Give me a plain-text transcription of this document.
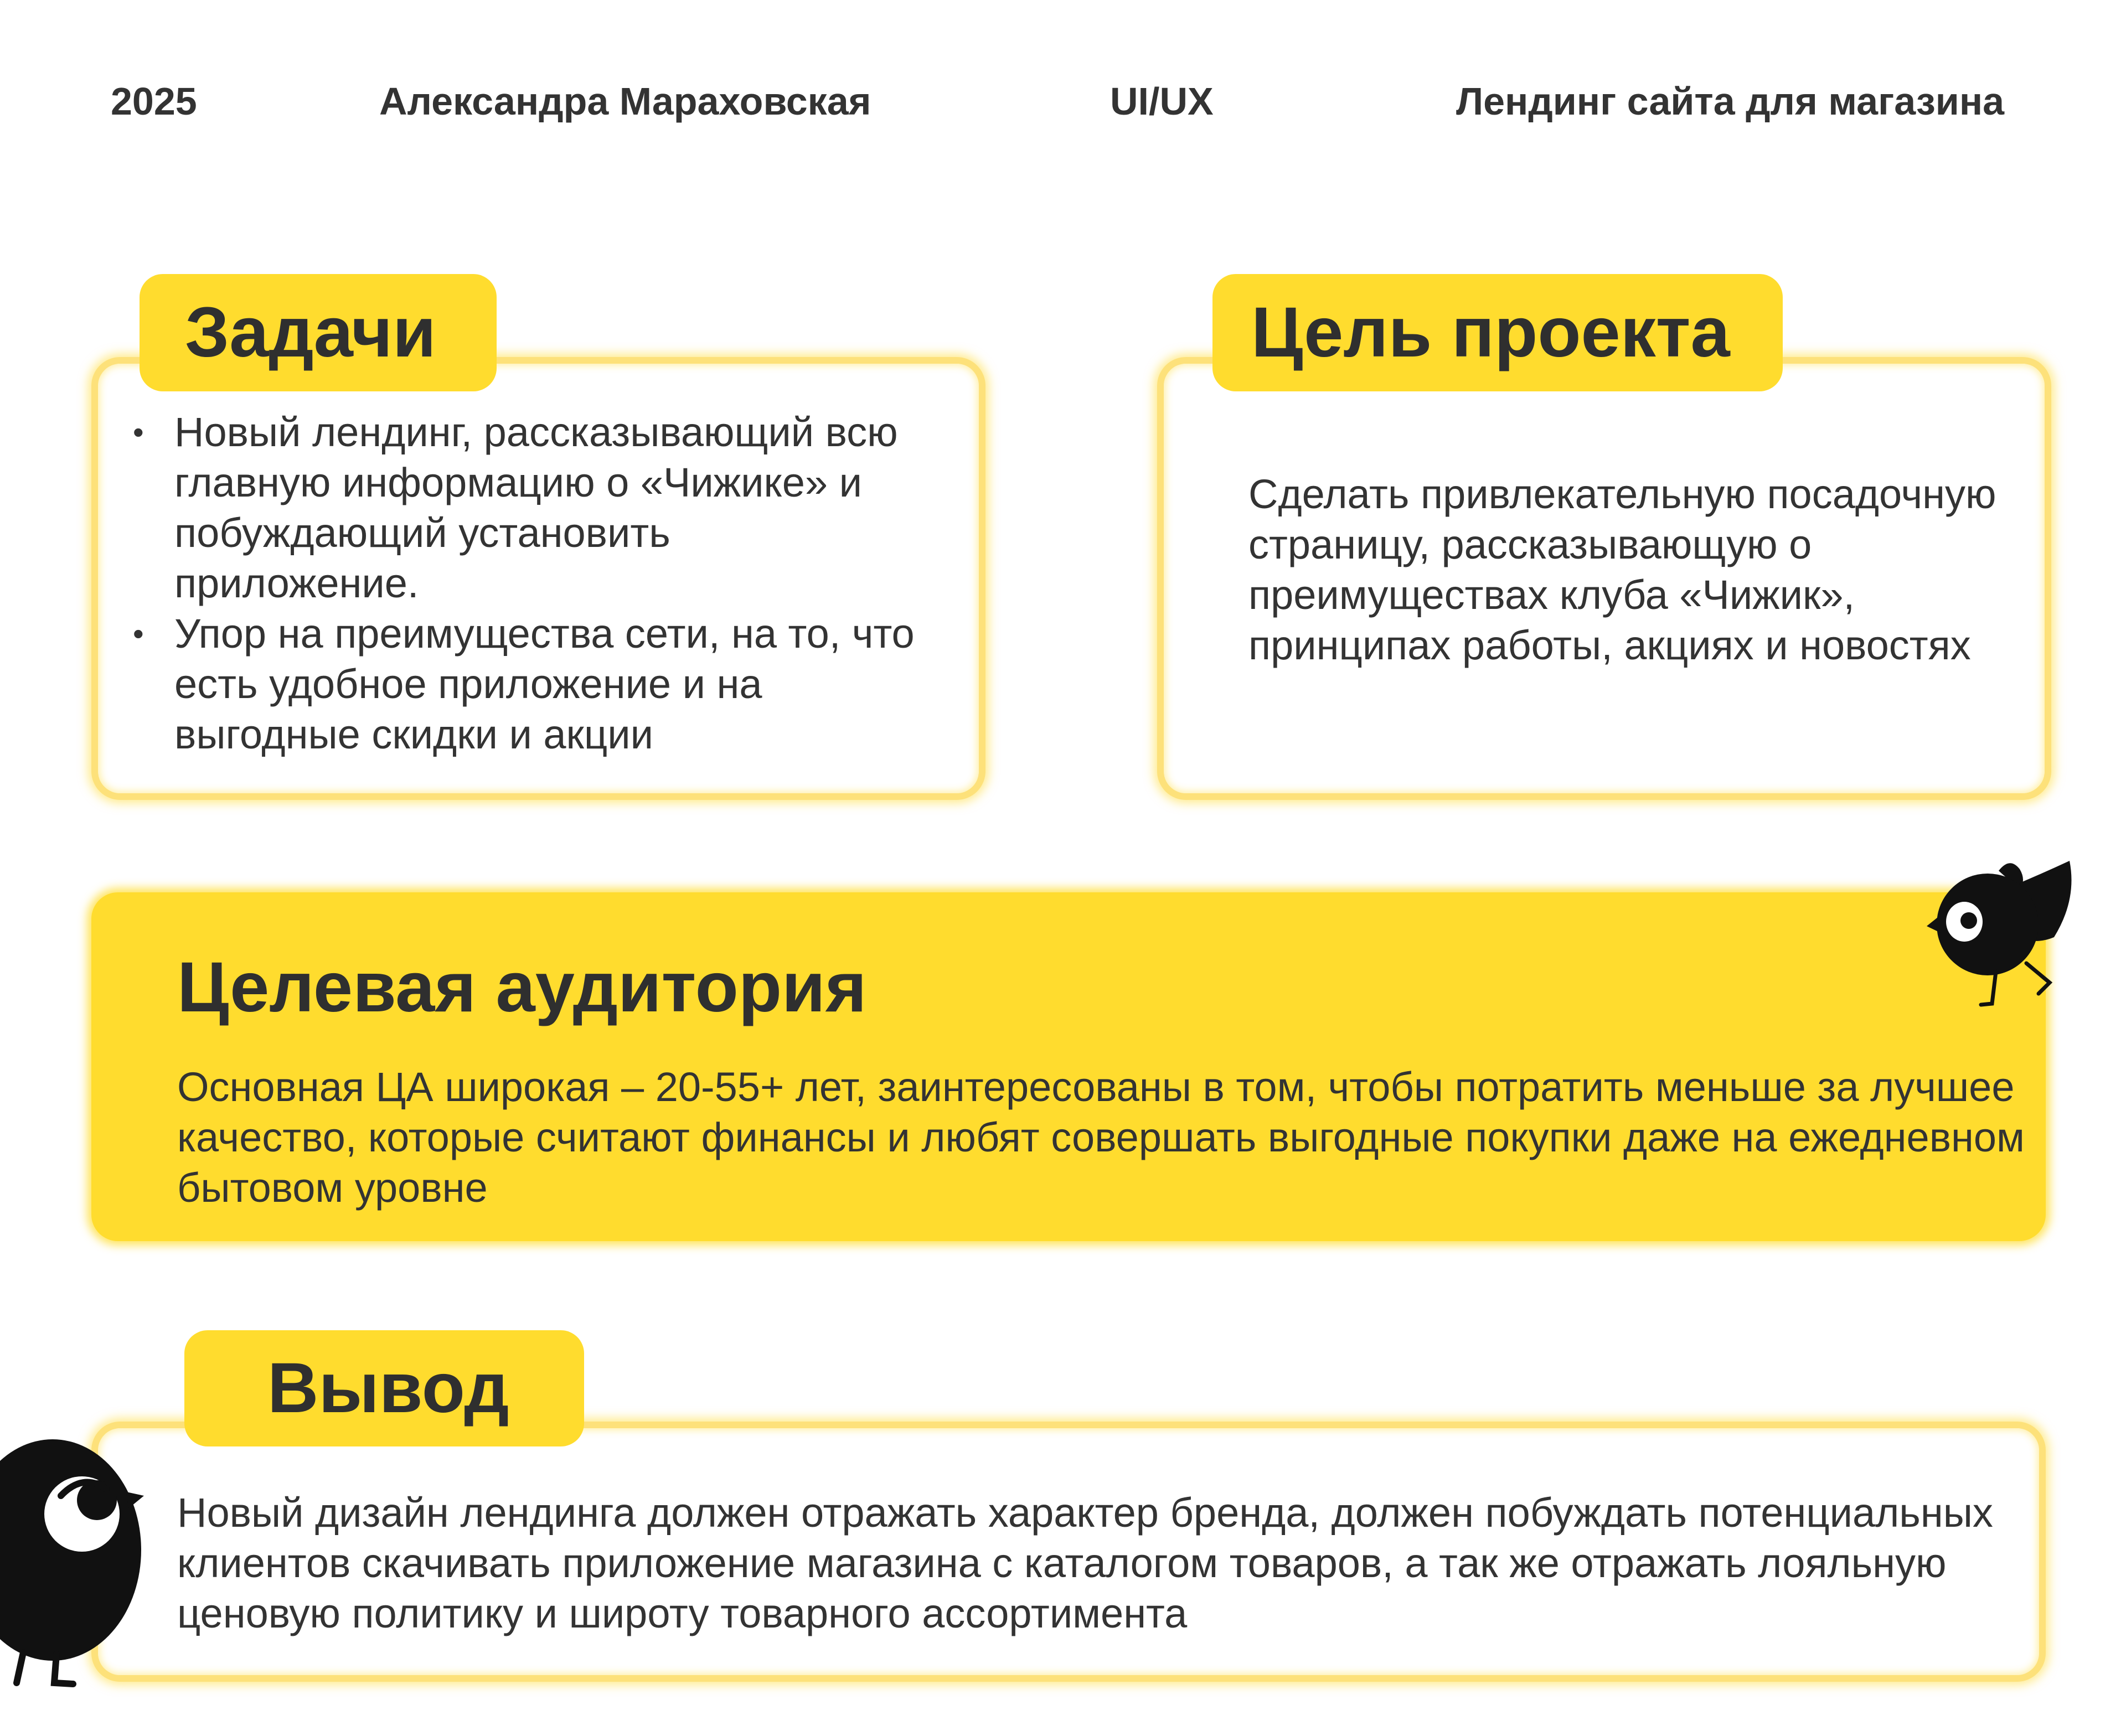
2025	Александра Мараховская	UI/UX	Лендинг сайта для магазина
Задачи
• Новый лендинг, рассказывающий всю главную информацию о «Чижике» и побуждающий установить приложение.
• Упор на преимущества сети, на то, что есть удобное приложение и на выгодные скидки и акции
Цель проекта
Сделать привлекательную посадочную страницу, рассказывающую о преимуществах клуба «Чижик», принципах работы, акциях и новостях
Целевая аудитория
Основная ЦА широкая – 20-55+ лет, заинтересованы в том, чтобы потратить меньше за лучшее качество, которые считают финансы и любят совершать выгодные покупки даже на ежедневном бытовом уровне
Вывод
Новый дизайн лендинга должен отражать характер бренда, должен побуждать потенциальных клиентов скачивать приложение магазина с каталогом товаров, а так же отражать лояльную ценовую политику и широту товарного ассортимента
